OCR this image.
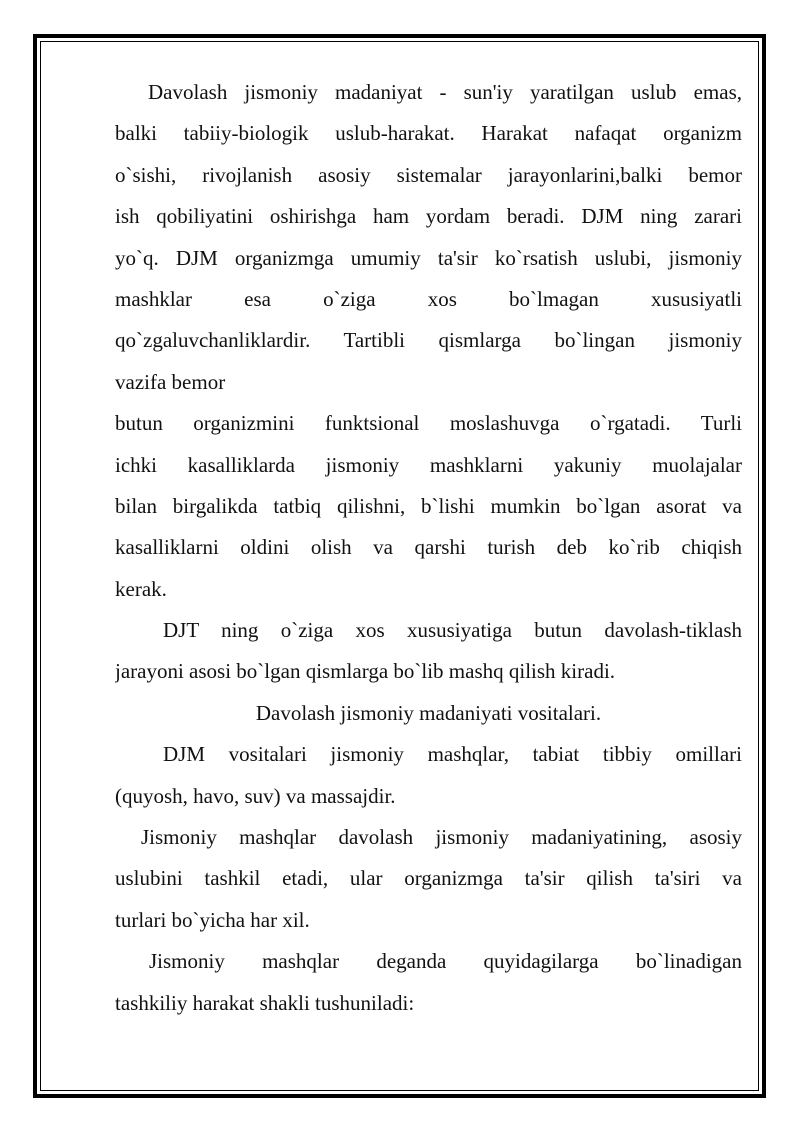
Davolash jismoniy madaniyat - sun'iy yaratilgan uslub emas,
balki tabiiy-biologik uslub-harakat. Harakat nafaqat organizm
o`sishi, rivojlanish asosiy sistemalar jarayonlarini,balki bemor
ish qobiliyatini oshirishga ham yordam beradi. DJM ning zarari
yo`q. DJM organizmga umumiy ta'sir ko`rsatish uslubi, jismoniy
mashklar esa o`ziga xos bo`lmagan xususiyatli
qo`zgaluvchanliklardir. Tartibli qismlarga bo`lingan jismoniy
vazifa bemor
butun organizmini funktsional moslashuvga o`rgatadi. Turli
ichki kasalliklarda jismoniy mashklarni yakuniy muolajalar
bilan birgalikda tatbiq qilishni, b`lishi mumkin bo`lgan asorat va
kasalliklarni oldini olish va qarshi turish deb ko`rib chiqish
kerak.
DJT ning o`ziga xos xususiyatiga butun davolash-tiklash
jarayoni asosi bo`lgan qismlarga bo`lib mashq qilish kiradi.
Davolash jismoniy madaniyati vositalari.
DJM vositalari jismoniy mashqlar, tabiat tibbiy omillari
(quyosh, havo, suv) va massajdir.
Jismoniy mashqlar davolash jismoniy madaniyatining, asosiy
uslubini tashkil etadi, ular organizmga ta'sir qilish ta'siri va
turlari bo`yicha har xil.
Jismoniy mashqlar deganda quyidagilarga bo`linadigan
tashkiliy harakat shakli tushuniladi:
